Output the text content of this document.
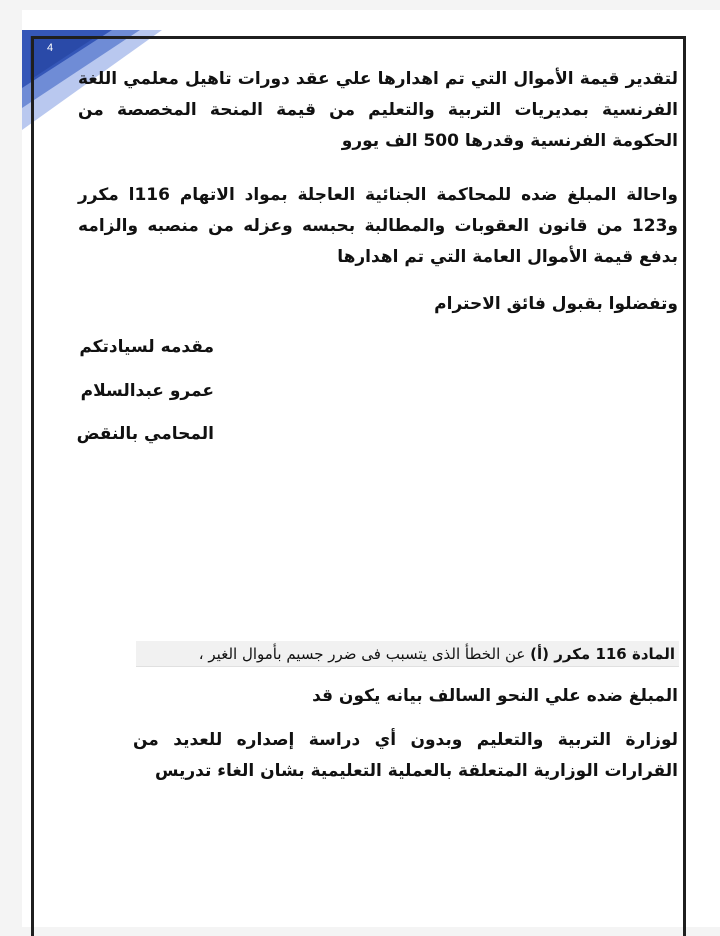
4

لتقدير قيمة الأموال التي تم اهدارها علي عقد دورات تاهيل معلمي اللغة الفرنسية بمديريات التربية والتعليم من قيمة المنحة المخصصة من الحكومة الفرنسية وقدرها 500 الف يورو

واحالة المبلغ ضده للمحاكمة الجنائية العاجلة بمواد الاتهام 116ا مكرر و123 من قانون العقوبات والمطالبة بحبسه وعزله من منصبه والزامه بدفع قيمة الأموال العامة التي تم اهدارها

وتفضلوا بقبول فائق الاحترام

مقدمه لسيادتكم

عمرو عبدالسلام

المحامي بالنقض

المادة 116 مكرر (أ) عن الخطأ الذى يتسبب فى ضرر جسيم بأموال الغير ،

المبلغ ضده علي النحو السالف بيانه يكون قد

لوزارة التربية والتعليم وبدون أي دراسة إصداره للعديد من القرارات الوزارية المتعلقة بالعملية التعليمية بشان الغاء تدريس
